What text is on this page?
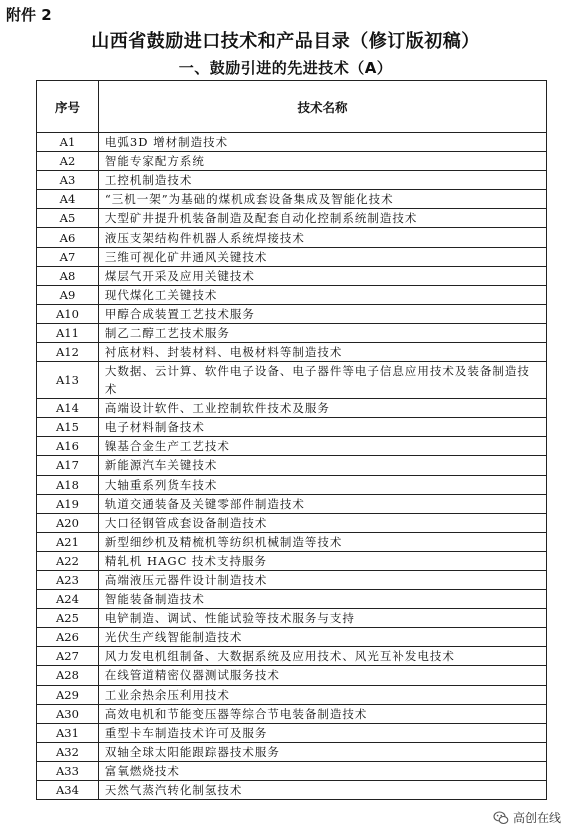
附件 2
山西省鼓励进口技术和产品目录（修订版初稿）
一、鼓励引进的先进技术（A）
序号	技术名称
A1	电弧3D 增材制造技术
A2	智能专家配方系统
A3	工控机制造技术
A4	“三机一架”为基础的煤机成套设备集成及智能化技术
A5	大型矿井提升机装备制造及配套自动化控制系统制造技术
A6	液压支架结构件机器人系统焊接技术
A7	三维可视化矿井通风关键技术
A8	煤层气开采及应用关键技术
A9	现代煤化工关键技术
A10	甲醇合成装置工艺技术服务
A11	制乙二醇工艺技术服务
A12	衬底材料、封装材料、电极材料等制造技术
A13	大数据、云计算、软件电子设备、电子器件等电子信息应用技术及装备制造技术
A14	高端设计软件、工业控制软件技术及服务
A15	电子材料制备技术
A16	镍基合金生产工艺技术
A17	新能源汽车关键技术
A18	大轴重系列货车技术
A19	轨道交通装备及关键零部件制造技术
A20	大口径钢管成套设备制造技术
A21	新型细纱机及精梳机等纺织机械制造等技术
A22	精轧机 HAGC 技术支持服务
A23	高端液压元器件设计制造技术
A24	智能装备制造技术
A25	电铲制造、调试、性能试验等技术服务与支持
A26	光伏生产线智能制造技术
A27	风力发电机组制备、大数据系统及应用技术、风光互补发电技术
A28	在线管道精密仪器测试服务技术
A29	工业余热余压利用技术
A30	高效电机和节能变压器等综合节电装备制造技术
A31	重型卡车制造技术许可及服务
A32	双轴全球太阳能跟踪器技术服务
A33	富氧燃烧技术
A34	天然气蒸汽转化制氢技术
高创在线
